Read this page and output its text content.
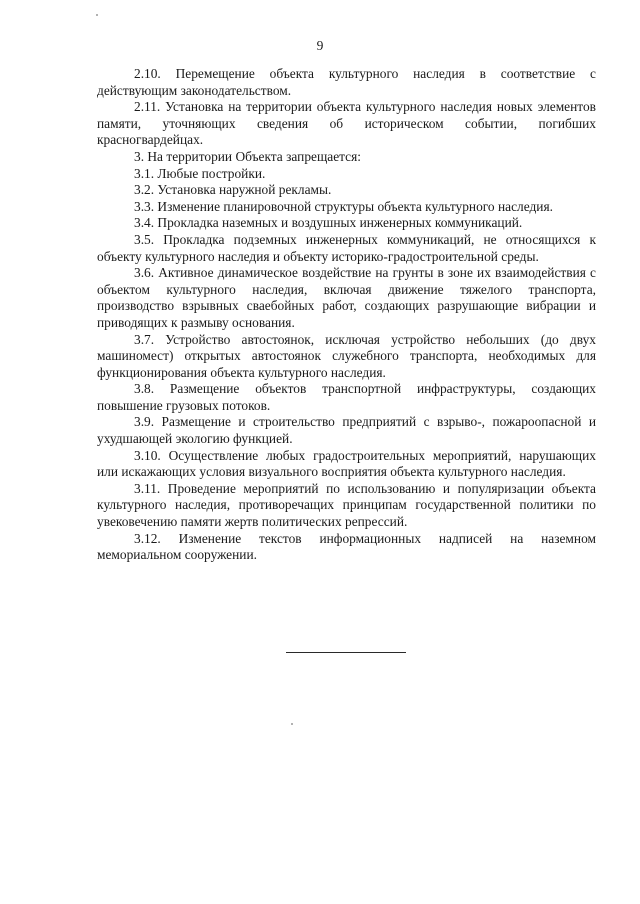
9

2.10. Перемещение объекта культурного наследия в соответствие с действующим законодательством.

2.11. Установка на территории объекта культурного наследия новых элементов памяти, уточняющих сведения об историческом событии, погибших красногвардейцах.

3. На территории Объекта запрещается:

3.1. Любые постройки.

3.2. Установка наружной рекламы.

3.3. Изменение планировочной структуры объекта культурного наследия.

3.4. Прокладка наземных и воздушных инженерных коммуникаций.

3.5. Прокладка подземных инженерных коммуникаций, не относящихся к объекту культурного наследия и объекту историко-градостроительной среды.

3.6. Активное динамическое воздействие на грунты в зоне их взаимодействия с объектом культурного наследия, включая движение тяжелого транспорта, производство взрывных сваебойных работ, создающих разрушающие вибрации и приводящих к размыву основания.

3.7. Устройство автостоянок, исключая устройство небольших (до двух машиномест) открытых автостоянок служебного транспорта, необходимых для функционирования объекта культурного наследия.

3.8. Размещение объектов транспортной инфраструктуры, создающих повышение грузовых потоков.

3.9. Размещение и строительство предприятий с взрыво-, пожароопасной и ухудшающей экологию функцией.

3.10. Осуществление любых градостроительных мероприятий, нарушающих или искажающих условия визуального восприятия объекта культурного наследия.

3.11. Проведение мероприятий по использованию и популяризации объекта культурного наследия, противоречащих принципам государственной политики по увековечению памяти жертв политических репрессий.

3.12. Изменение текстов информационных надписей на наземном мемориальном сооружении.
